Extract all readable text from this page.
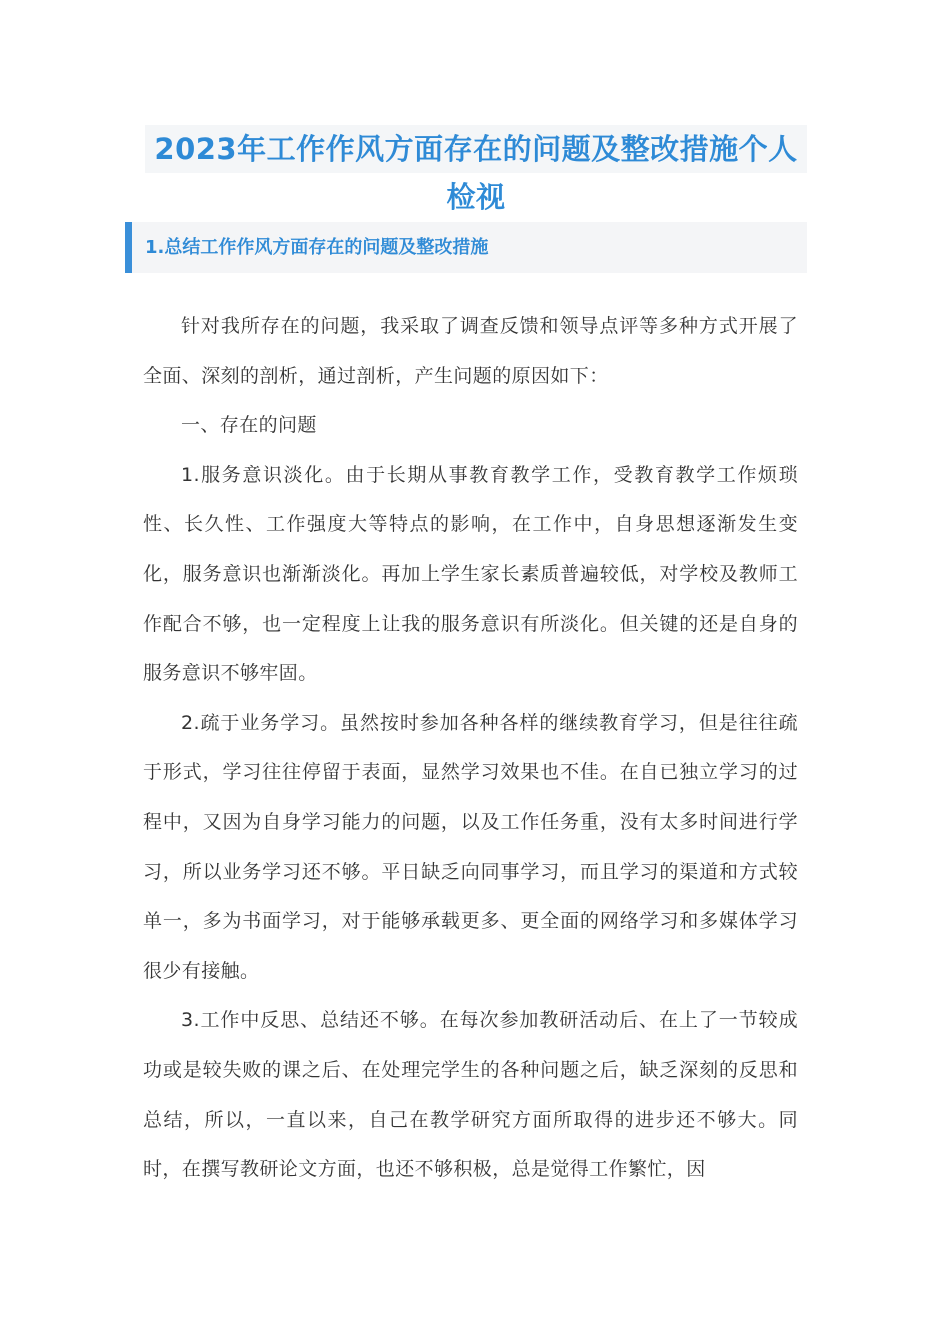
2023年工作作风方面存在的问题及整改措施个人
检视
1.总结工作作风方面存在的问题及整改措施

针对我所存在的问题，我采取了调查反馈和领导点评等多种方式开展了全面、深刻的剖析，通过剖析，产生问题的原因如下：

一、存在的问题

1.服务意识淡化。由于长期从事教育教学工作，受教育教学工作烦琐性、长久性、工作强度大等特点的影响，在工作中，自身思想逐渐发生变化，服务意识也渐渐淡化。再加上学生家长素质普遍较低，对学校及教师工作配合不够，也一定程度上让我的服务意识有所淡化。但关键的还是自身的服务意识不够牢固。

2.疏于业务学习。虽然按时参加各种各样的继续教育学习，但是往往疏于形式，学习往往停留于表面，显然学习效果也不佳。在自已独立学习的过程中，又因为自身学习能力的问题，以及工作任务重，没有太多时间进行学习，所以业务学习还不够。平日缺乏向同事学习，而且学习的渠道和方式较单一，多为书面学习，对于能够承载更多、更全面的网络学习和多媒体学习很少有接触。

3.工作中反思、总结还不够。在每次参加教研活动后、在上了一节较成功或是较失败的课之后、在处理完学生的各种问题之后，缺乏深刻的反思和总结，所以，一直以来，自己在教学研究方面所取得的进步还不够大。同时，在撰写教研论文方面，也还不够积极，总是觉得工作繁忙，因
